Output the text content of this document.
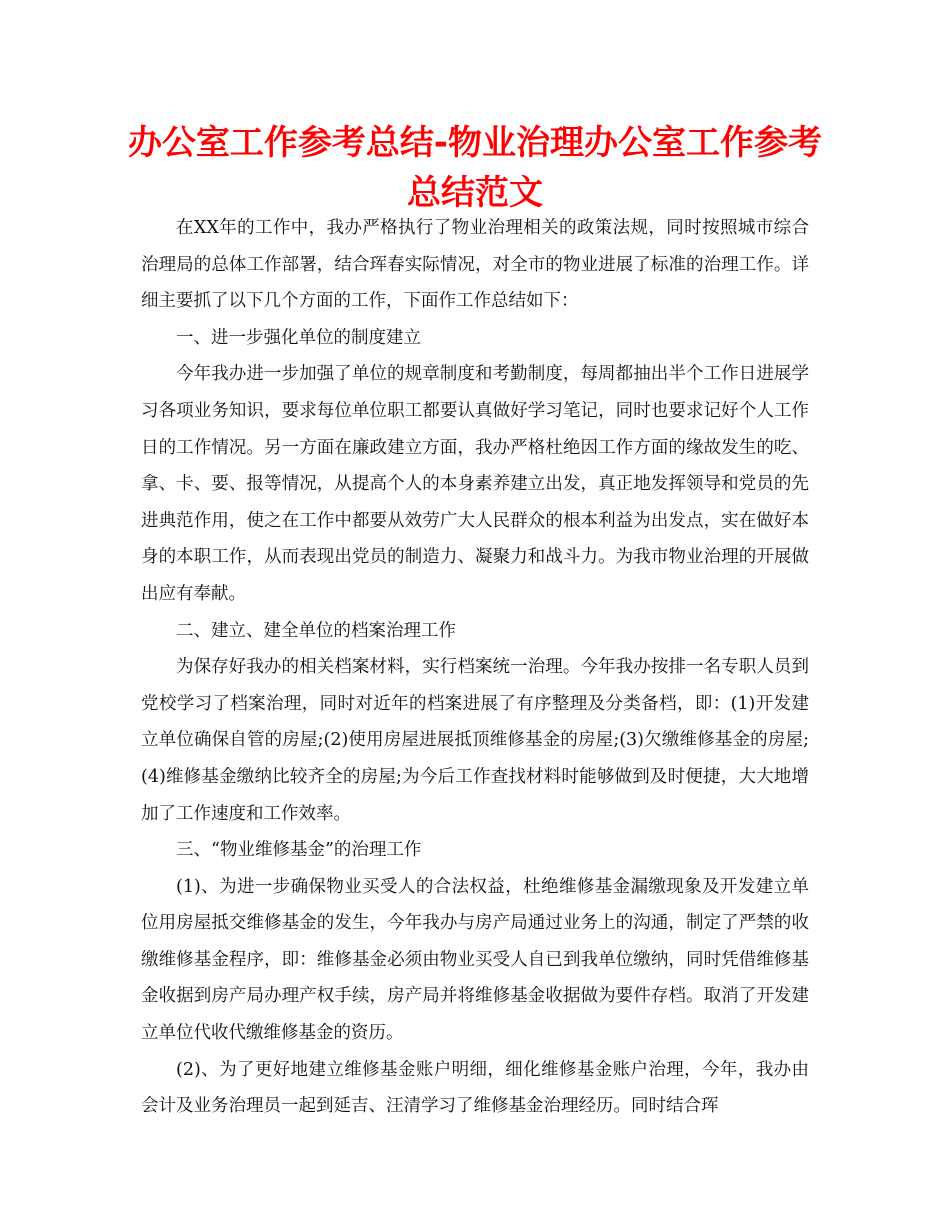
办公室工作参考总结-物业治理办公室工作参考总结范文

在XX年的工作中，我办严格执行了物业治理相关的政策法规，同时按照城市综合治理局的总体工作部署，结合珲春实际情况，对全市的物业进展了标准的治理工作。详细主要抓了以下几个方面的工作，下面作工作总结如下：

一、进一步强化单位的制度建立

今年我办进一步加强了单位的规章制度和考勤制度，每周都抽出半个工作日进展学习各项业务知识，要求每位单位职工都要认真做好学习笔记，同时也要求记好个人工作日的工作情况。另一方面在廉政建立方面，我办严格杜绝因工作方面的缘故发生的吃、拿、卡、要、报等情况，从提高个人的本身素养建立出发，真正地发挥领导和党员的先进典范作用，使之在工作中都要从效劳广大人民群众的根本利益为出发点，实在做好本身的本职工作，从而表现出党员的制造力、凝聚力和战斗力。为我市物业治理的开展做出应有奉献。

二、建立、建全单位的档案治理工作

为保存好我办的相关档案材料，实行档案统一治理。今年我办按排一名专职人员到党校学习了档案治理，同时对近年的档案进展了有序整理及分类备档，即：(1)开发建立单位确保自管的房屋;(2)使用房屋进展抵顶维修基金的房屋;(3)欠缴维修基金的房屋;(4)维修基金缴纳比较齐全的房屋;为今后工作查找材料时能够做到及时便捷，大大地增加了工作速度和工作效率。

三、“物业维修基金”的治理工作

(1)、为进一步确保物业买受人的合法权益，杜绝维修基金漏缴现象及开发建立单位用房屋抵交维修基金的发生，今年我办与房产局通过业务上的沟通，制定了严禁的收缴维修基金程序，即：维修基金必须由物业买受人自已到我单位缴纳，同时凭借维修基金收据到房产局办理产权手续，房产局并将维修基金收据做为要件存档。取消了开发建立单位代收代缴维修基金的资历。

(2)、为了更好地建立维修基金账户明细，细化维修基金账户治理，今年，我办由会计及业务治理员一起到延吉、汪清学习了维修基金治理经历。同时结合珲
